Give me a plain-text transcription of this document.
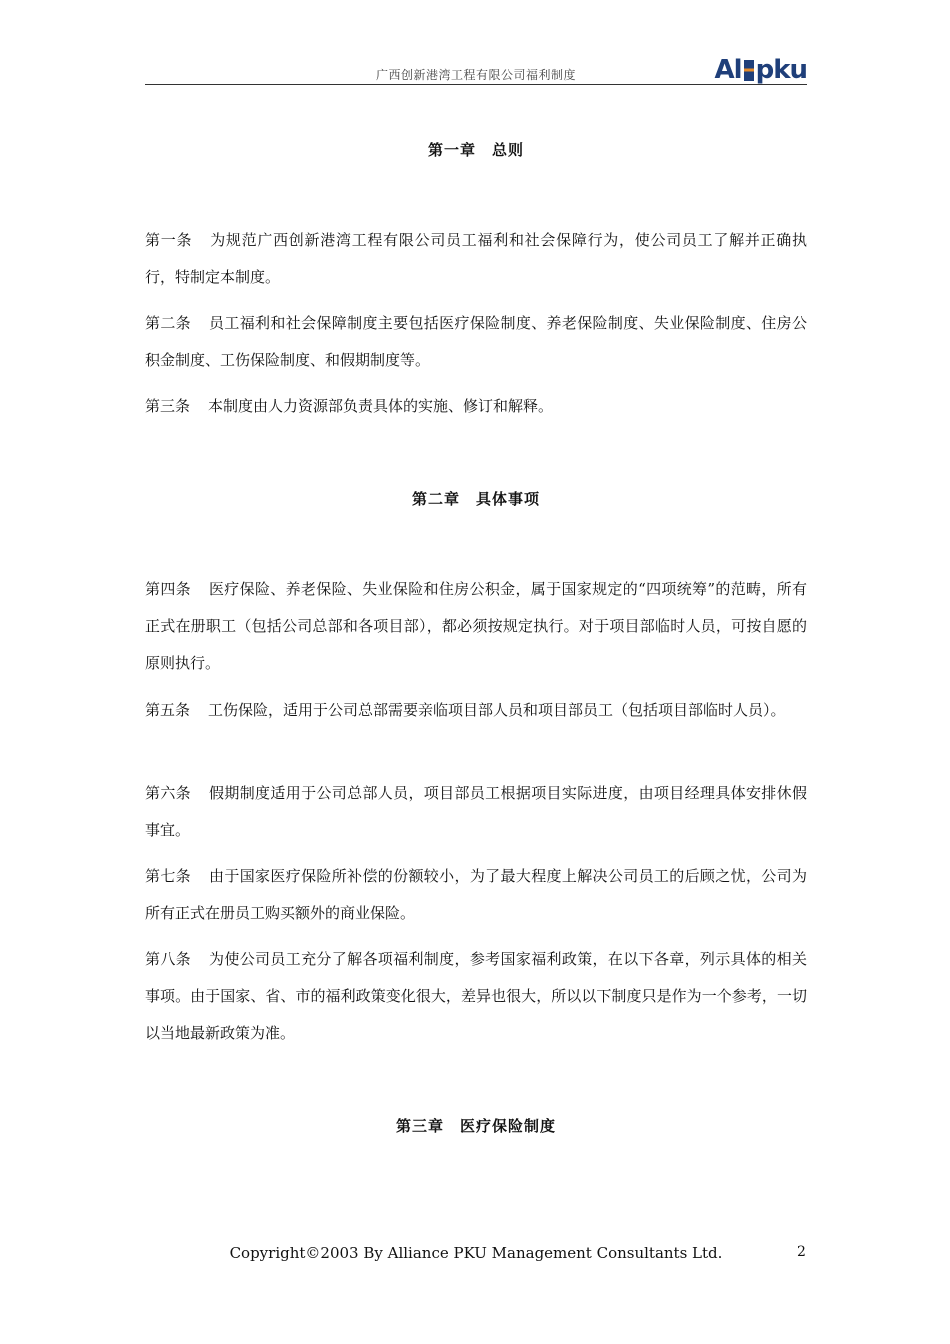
广西创新港湾工程有限公司福利制度	Al pku
第一章　总则
第一条 为规范广西创新港湾工程有限公司员工福利和社会保障行为，使公司员工了解并正确执行，特制定本制度。
第二条 员工福利和社会保障制度主要包括医疗保险制度、养老保险制度、失业保险制度、住房公积金制度、工伤保险制度、和假期制度等。
第三条 本制度由人力资源部负责具体的实施、修订和解释。
第二章　具体事项
第四条 医疗保险、养老保险、失业保险和住房公积金，属于国家规定的“四项统筹”的范畴，所有正式在册职工（包括公司总部和各项目部），都必须按规定执行。对于项目部临时人员，可按自愿的原则执行。
第五条 工伤保险，适用于公司总部需要亲临项目部人员和项目部员工（包括项目部临时人员）。
第六条 假期制度适用于公司总部人员，项目部员工根据项目实际进度，由项目经理具体安排休假事宜。
第七条 由于国家医疗保险所补偿的份额较小，为了最大程度上解决公司员工的后顾之忧，公司为所有正式在册员工购买额外的商业保险。
第八条 为使公司员工充分了解各项福利制度，参考国家福利政策，在以下各章，列示具体的相关事项。由于国家、省、市的福利政策变化很大，差异也很大，所以以下制度只是作为一个参考，一切以当地最新政策为准。
第三章　医疗保险制度
Copyright©2003 By Alliance PKU Management Consultants Ltd.	2
